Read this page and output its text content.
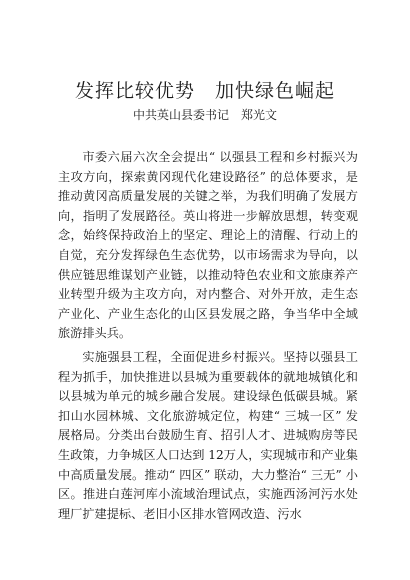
发挥比较优势　加快绿色崛起
中共英山县委书记　郑光文

市委六届六次全会提出“ 以强县工程和乡村振兴为主攻方向，探索黄冈现代化建设路径” 的总体要求，是推动黄冈高质量发展的关键之举，为我们明确了发展方向，指明了发展路径。英山将进一步解放思想，转变观念，始终保持政治上的坚定、理论上的清醒、行动上的自觉，充分发挥绿色生态优势，以市场需求为导向，以供应链思维谋划产业链，以推动特色农业和文旅康养产业转型升级为主攻方向，对内整合、对外开放，走生态产业化、产业生态化的山区县发展之路，争当华中全域旅游排头兵。

实施强县工程，全面促进乡村振兴。坚持以强县工程为抓手，加快推进以县城为重要载体的就地城镇化和以县城为单元的城乡融合发展。建设绿色低碳县城。紧扣山水园林城、文化旅游城定位，构建“ 三城一区” 发展格局。分类出台鼓励生育、招引人才、进城购房等民生政策，力争城区人口达到 12万人，实现城市和产业集中高质量发展。推动“ 四区” 联动，大力整治“ 三无” 小区。推进白莲河库小流域治理试点，实施西汤河污水处理厂扩建提标、老旧小区排水管网改造、污水
